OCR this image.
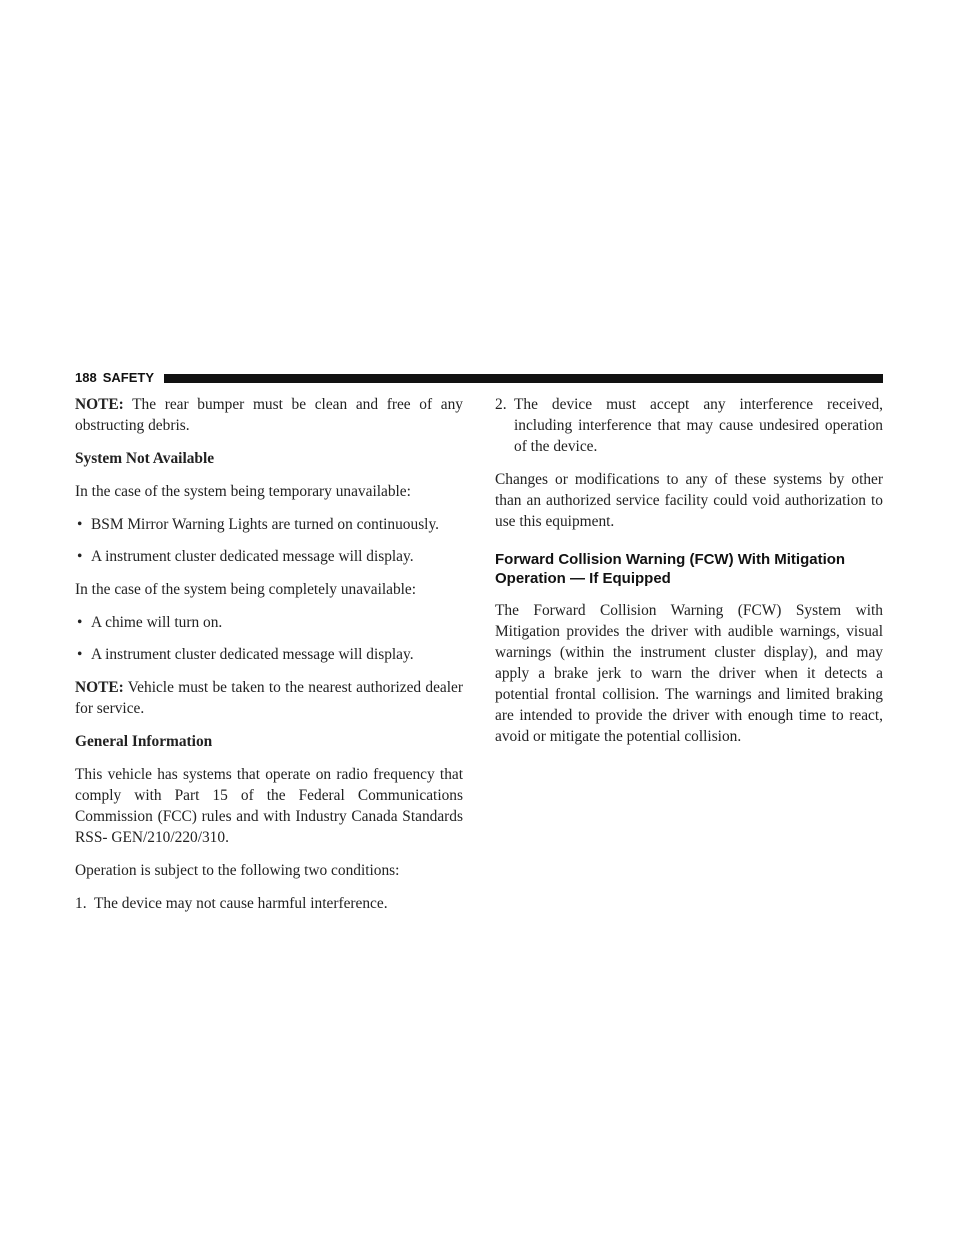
188 SAFETY

NOTE: The rear bumper must be clean and free of any obstructing debris.

System Not Available

In the case of the system being temporary unavailable:

• BSM Mirror Warning Lights are turned on continuously.
• A instrument cluster dedicated message will display.

In the case of the system being completely unavailable:

• A chime will turn on.
• A instrument cluster dedicated message will display.

NOTE: Vehicle must be taken to the nearest authorized dealer for service.

General Information

This vehicle has systems that operate on radio frequency that comply with Part 15 of the Federal Communications Commission (FCC) rules and with Industry Canada Standards RSS- GEN/210/220/310.

Operation is subject to the following two conditions:

1. The device may not cause harmful interference.

2. The device must accept any interference received, including interference that may cause undesired operation of the device.

Changes or modifications to any of these systems by other than an authorized service facility could void authorization to use this equipment.

Forward Collision Warning (FCW) With Mitigation Operation — If Equipped

The Forward Collision Warning (FCW) System with Mitigation provides the driver with audible warnings, visual warnings (within the instrument cluster display), and may apply a brake jerk to warn the driver when it detects a potential frontal collision. The warnings and limited braking are intended to provide the driver with enough time to react, avoid or mitigate the potential collision.
